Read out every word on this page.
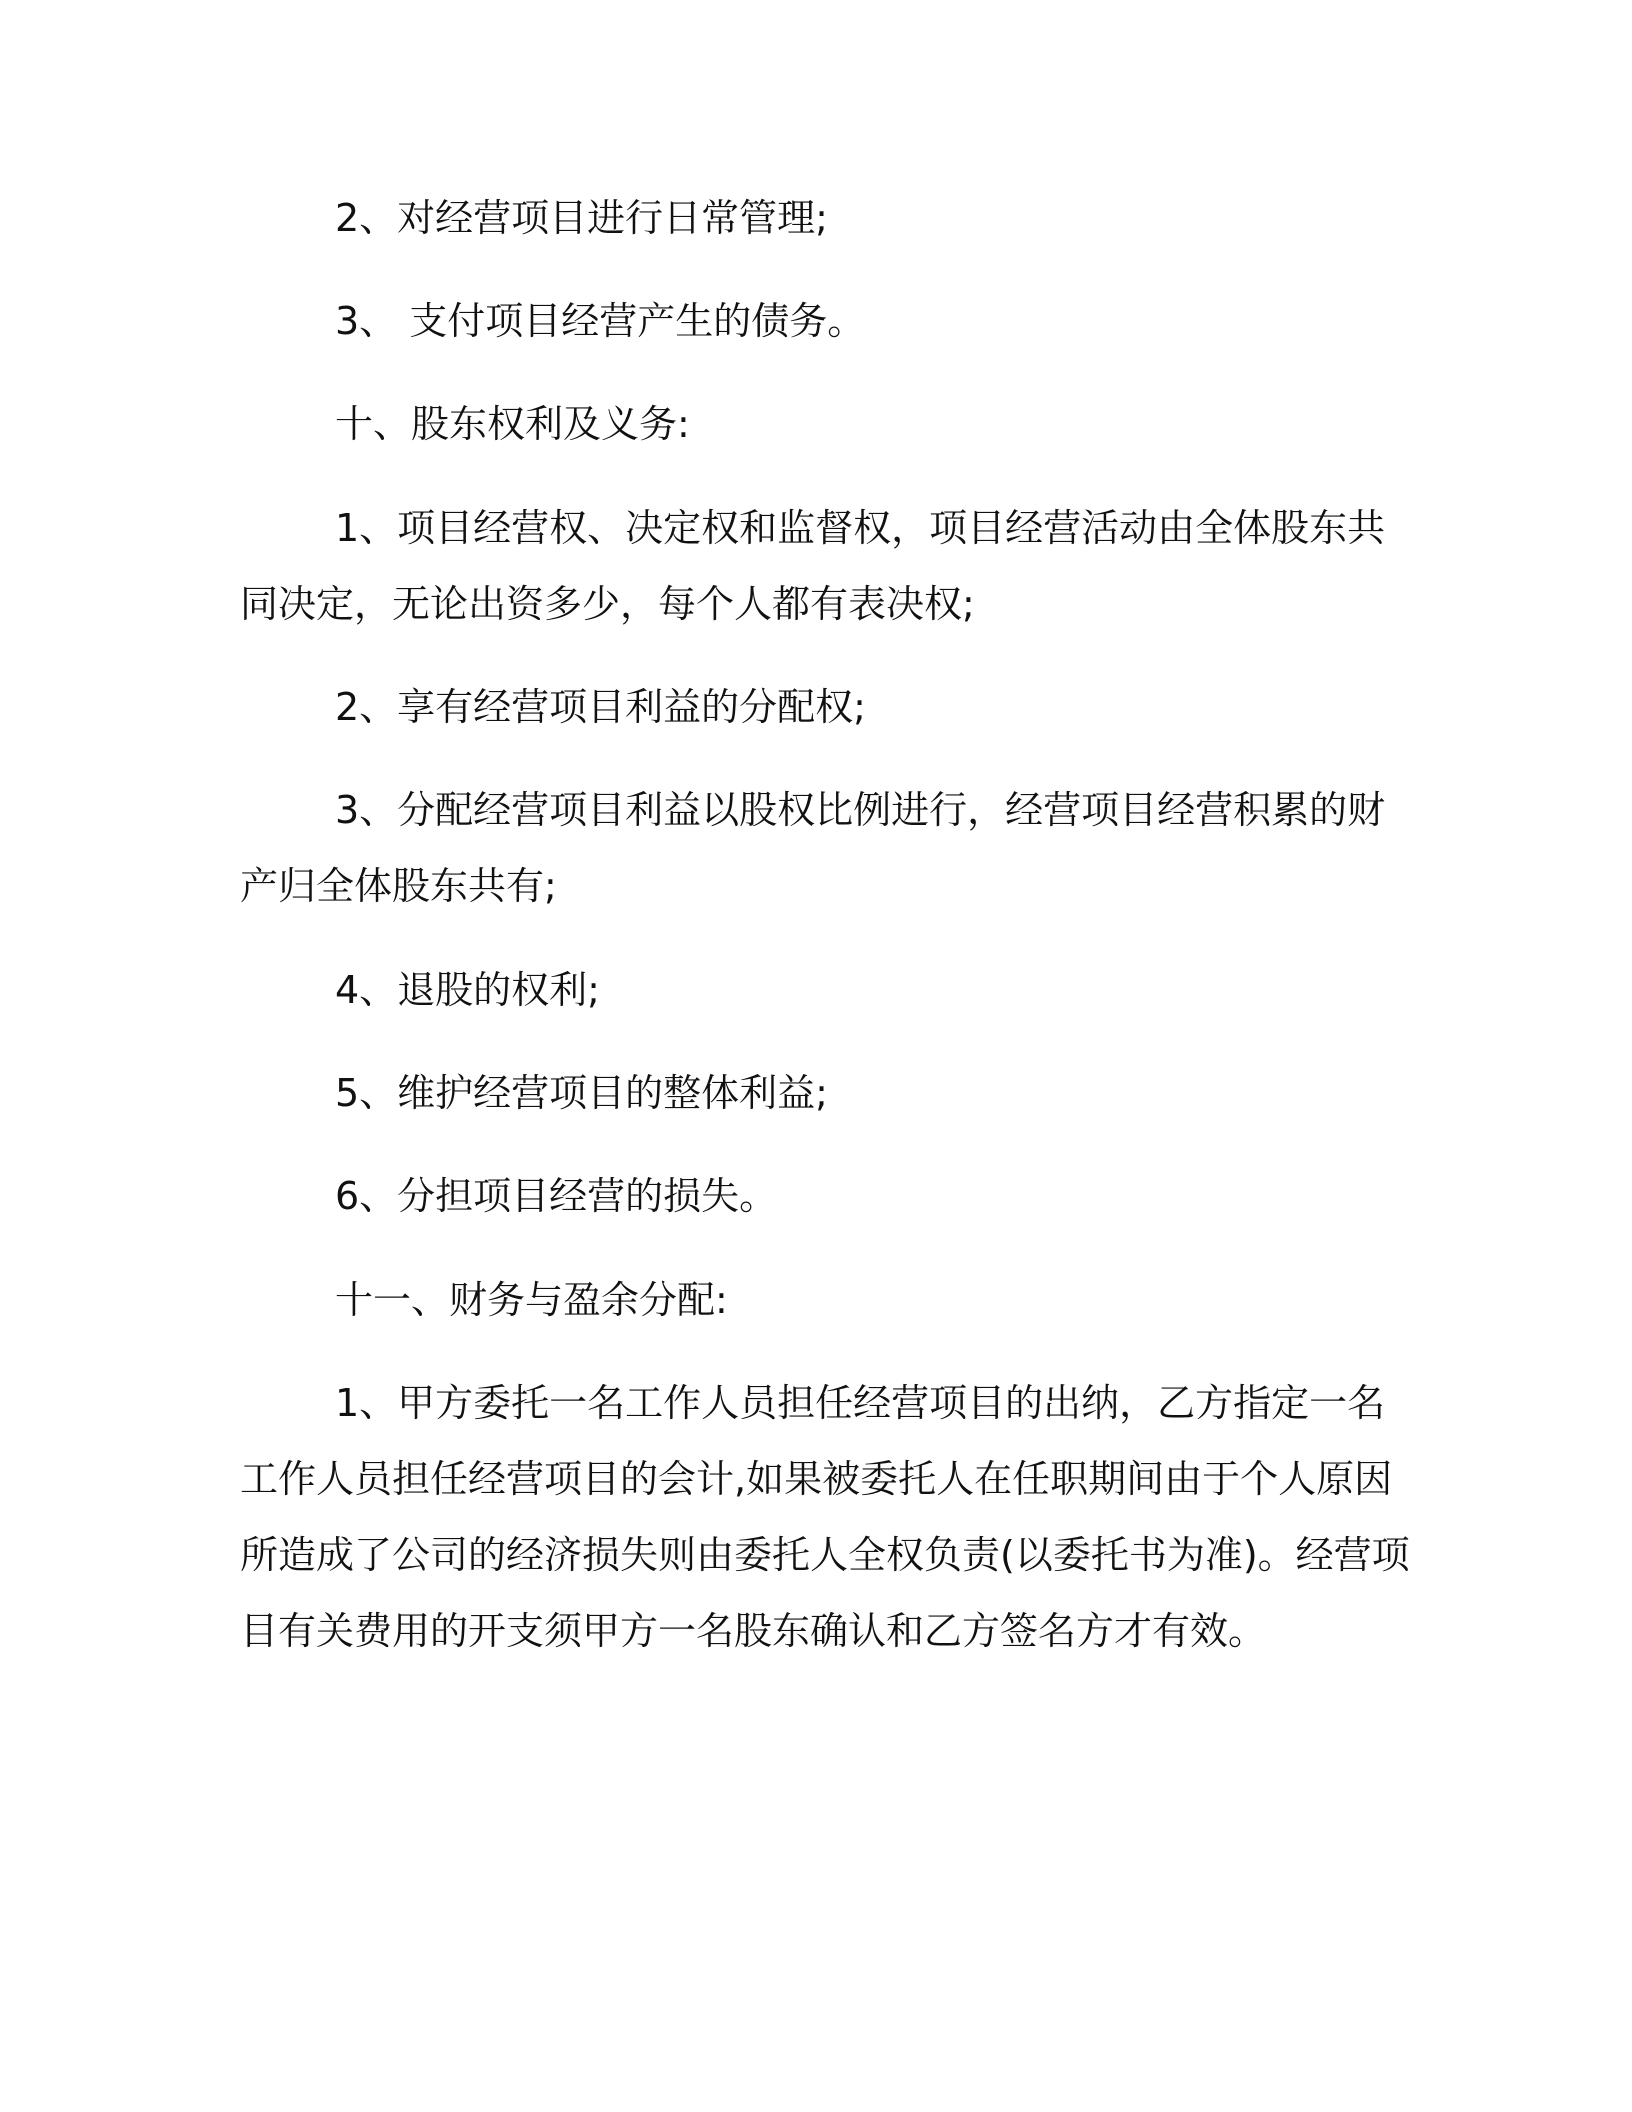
2、对经营项目进行日常管理;
3、 支付项目经营产生的债务。
十、股东权利及义务:
1、项目经营权、决定权和监督权，项目经营活动由全体股东共
同决定，无论出资多少，每个人都有表决权;
2、享有经营项目利益的分配权;
3、分配经营项目利益以股权比例进行，经营项目经营积累的财
产归全体股东共有;
4、退股的权利;
5、维护经营项目的整体利益;
6、分担项目经营的损失。
十一、财务与盈余分配:
1、甲方委托一名工作人员担任经营项目的出纳，乙方指定一名
工作人员担任经营项目的会计,如果被委托人在任职期间由于个人原因
所造成了公司的经济损失则由委托人全权负责(以委托书为准)。经营项
目有关费用的开支须甲方一名股东确认和乙方签名方才有效。
